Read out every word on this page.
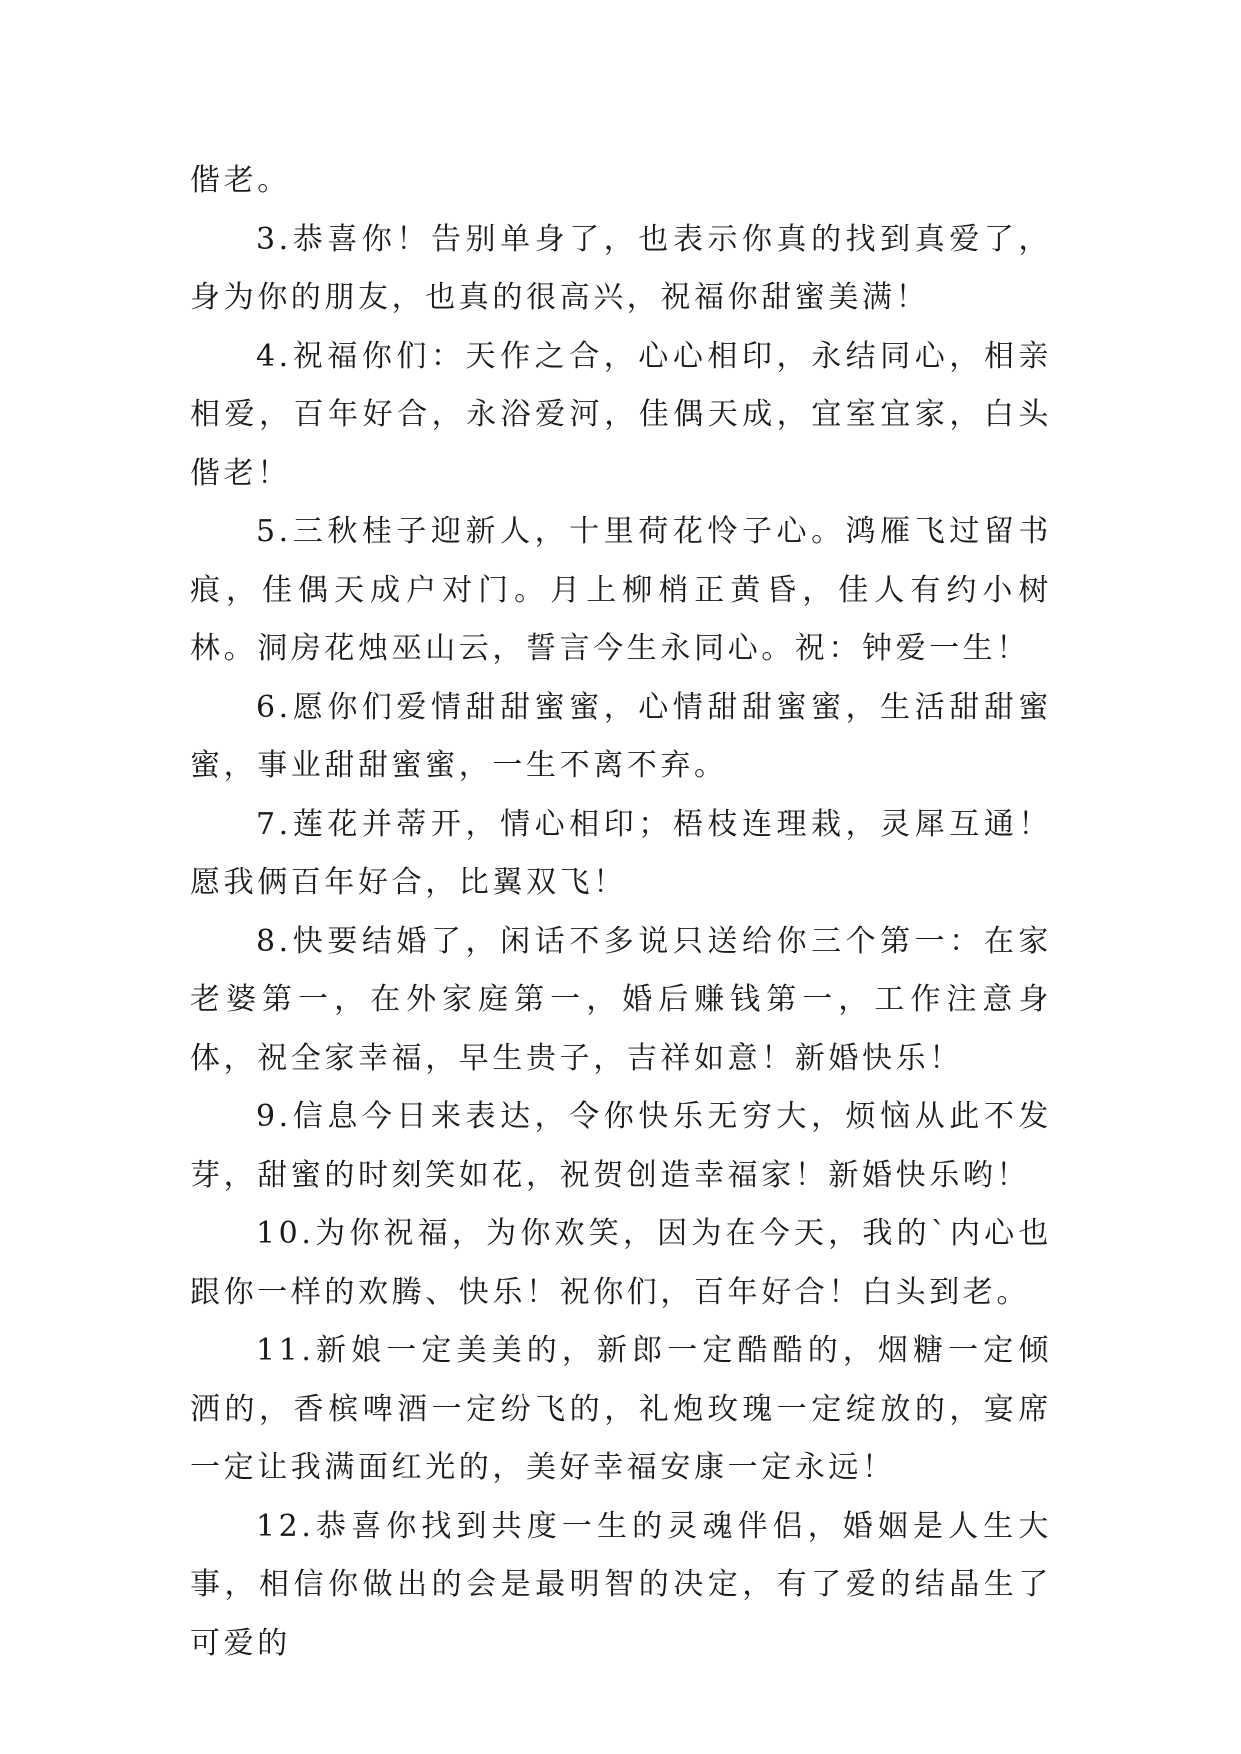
偕老。

3.恭喜你！告别单身了，也表示你真的找到真爱了，身为你的朋友，也真的很高兴，祝福你甜蜜美满！

4.祝福你们：天作之合，心心相印，永结同心，相亲相爱，百年好合，永浴爱河，佳偶天成，宜室宜家，白头偕老！

5.三秋桂子迎新人，十里荷花怜子心。鸿雁飞过留书痕，佳偶天成户对门。月上柳梢正黄昏，佳人有约小树林。洞房花烛巫山云，誓言今生永同心。祝：钟爱一生！

6.愿你们爱情甜甜蜜蜜，心情甜甜蜜蜜，生活甜甜蜜蜜，事业甜甜蜜蜜，一生不离不弃。

7.莲花并蒂开，情心相印；梧枝连理栽，灵犀互通！愿我俩百年好合，比翼双飞！

8.快要结婚了，闲话不多说只送给你三个第一：在家老婆第一，在外家庭第一，婚后赚钱第一，工作注意身体，祝全家幸福，早生贵子，吉祥如意！新婚快乐！

9.信息今日来表达，令你快乐无穷大，烦恼从此不发芽，甜蜜的时刻笑如花，祝贺创造幸福家！新婚快乐哟！

10.为你祝福，为你欢笑，因为在今天，我的`内心也跟你一样的欢腾、快乐！祝你们，百年好合！白头到老。

11.新娘一定美美的，新郎一定酷酷的，烟糖一定倾洒的，香槟啤酒一定纷飞的，礼炮玫瑰一定绽放的，宴席一定让我满面红光的，美好幸福安康一定永远！

12.恭喜你找到共度一生的灵魂伴侣，婚姻是人生大事，相信你做出的会是最明智的决定，有了爱的结晶生了可爱的
